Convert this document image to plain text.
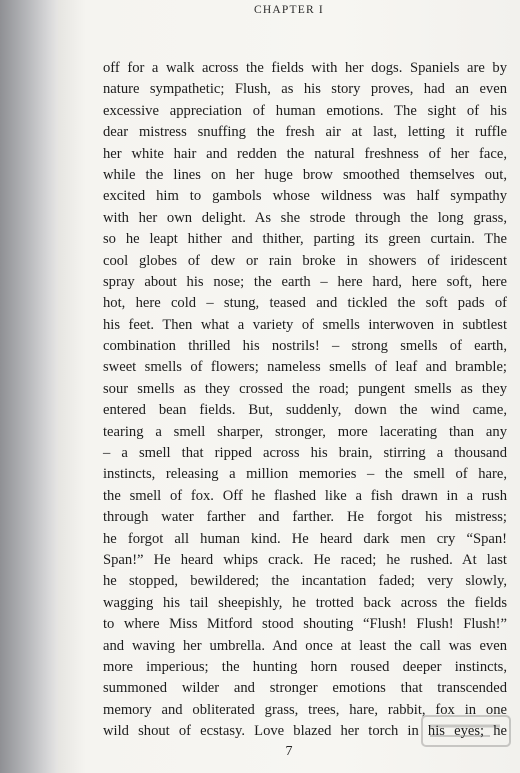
CHAPTER I
7
off for a walk across the fields with her dogs. Spaniels are by
nature sympathetic; Flush, as his story proves, had an even
excessive appreciation of human emotions. The sight of his
dear mistress snuffing the fresh air at last, letting it ruffle
her white hair and redden the natural freshness of her face,
while the lines on her huge brow smoothed themselves out,
excited him to gambols whose wildness was half sympathy
with her own delight. As she strode through the long grass,
so he leapt hither and thither, parting its green curtain. The
cool globes of dew or rain broke in showers of iridescent
spray about his nose; the earth – here hard, here soft, here
hot, here cold – stung, teased and tickled the soft pads of
his feet. Then what a variety of smells interwoven in subtlest
combination thrilled his nostrils! – strong smells of earth,
sweet smells of flowers; nameless smells of leaf and bramble;
sour smells as they crossed the road; pungent smells as they
entered bean fields. But, suddenly, down the wind came,
tearing a smell sharper, stronger, more lacerating than any
– a smell that ripped across his brain, stirring a thousand
instincts, releasing a million memories – the smell of hare,
the smell of fox. Off he flashed like a fish drawn in a rush
through water farther and farther. He forgot his mistress;
he forgot all human kind. He heard dark men cry “Span!
Span!” He heard whips crack. He raced; he rushed. At last
he stopped, bewildered; the incantation faded; very slowly,
wagging his tail sheepishly, he trotted back across the fields
to where Miss Mitford stood shouting “Flush! Flush! Flush!”
and waving her umbrella. And once at least the call was even
more imperious; the hunting horn roused deeper instincts,
summoned wilder and stronger emotions that transcended
memory and obliterated grass, trees, hare, rabbit, fox in one
wild shout of ecstasy. Love blazed her torch in his eyes; he
